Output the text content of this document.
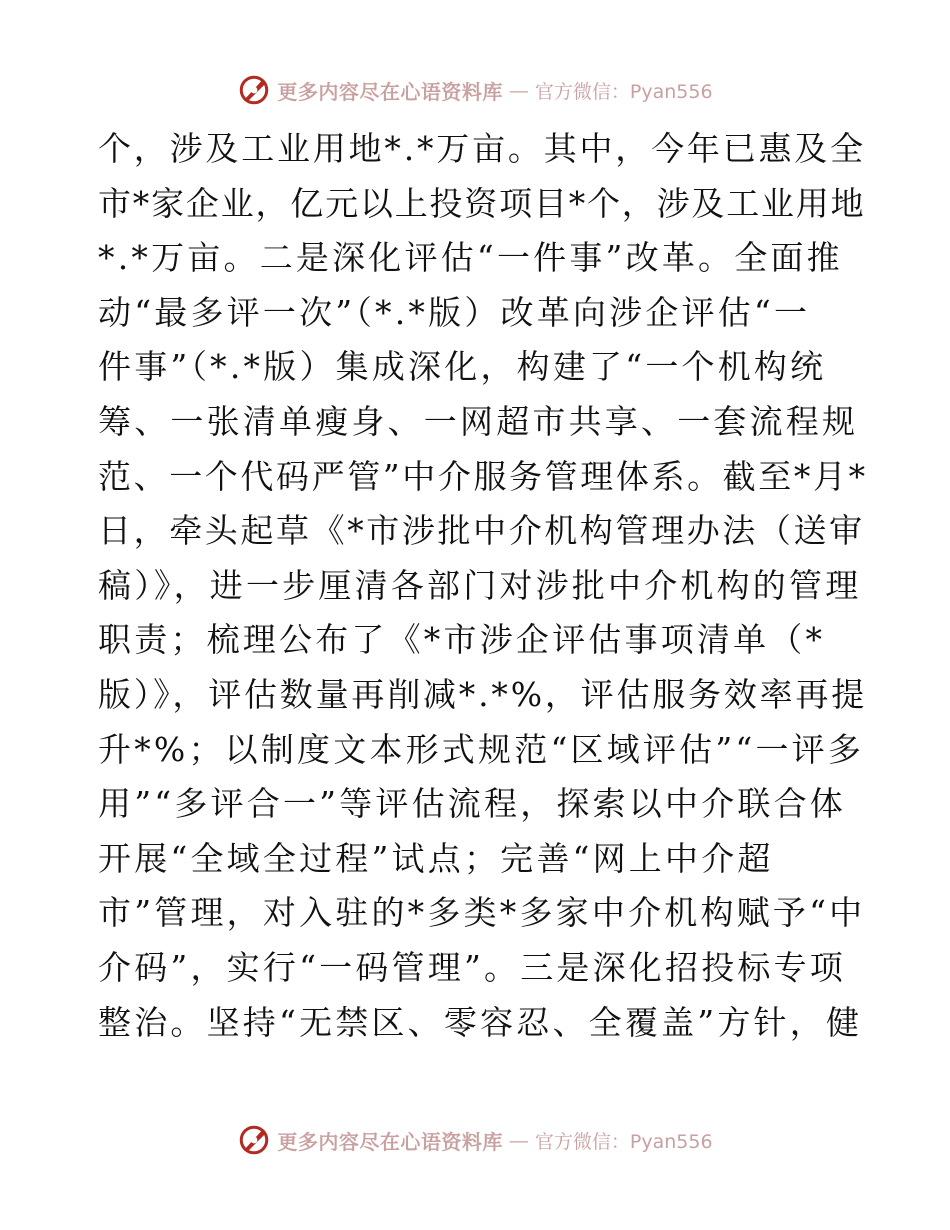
更多内容尽在心语资料库 — 官方微信：Pyan556
个，涉及工业用地*.*万亩。其中，今年已惠及全
市*家企业，亿元以上投资项目*个，涉及工业用地
*.*万亩。二是深化评估“一件事”改革。全面推
动“最多评一次”（*.*版）改革向涉企评估“一
件事”（*.*版）集成深化，构建了“一个机构统
筹、一张清单瘦身、一网超市共享、一套流程规
范、一个代码严管”中介服务管理体系。截至*月*
日，牵头起草《*市涉批中介机构管理办法（送审
稿）》，进一步厘清各部门对涉批中介机构的管理
职责；梳理公布了《*市涉企评估事项清单（*
版）》，评估数量再削减*.*%，评估服务效率再提
升*%；以制度文本形式规范“区域评估”“一评多
用”“多评合一”等评估流程，探索以中介联合体
开展“全域全过程”试点；完善“网上中介超
市”管理，对入驻的*多类*多家中介机构赋予“中
介码”，实行“一码管理”。三是深化招投标专项
整治。坚持“无禁区、零容忍、全覆盖”方针，健
更多内容尽在心语资料库 — 官方微信：Pyan556
